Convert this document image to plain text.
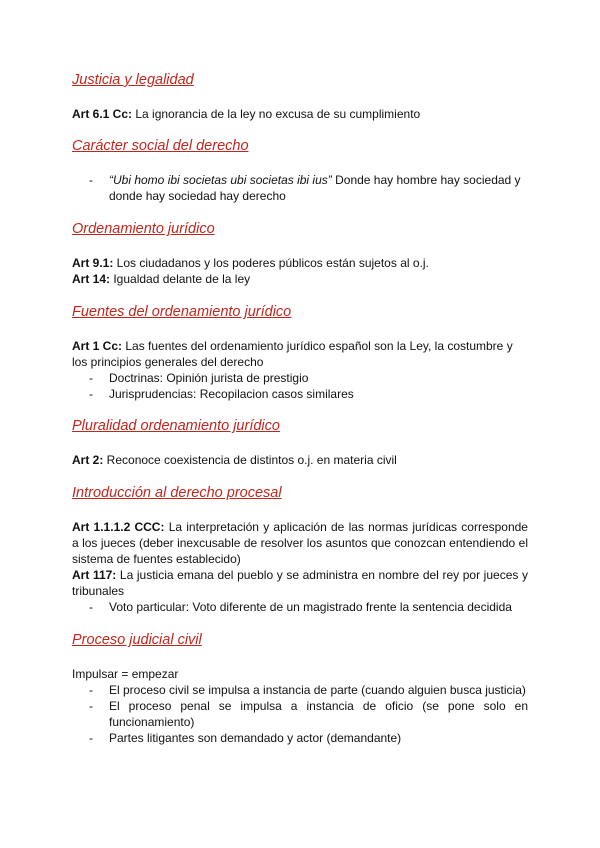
Justicia y legalidad

Art 6.1 Cc: La ignorancia de la ley no excusa de su cumplimiento

Carácter social del derecho
- “Ubi homo ibi societas ubi societas ibi ius” Donde hay hombre hay sociedad y donde hay sociedad hay derecho
Ordenamiento jurídico

Art 9.1: Los ciudadanos y los poderes públicos están sujetos al o.j.

Art 14: Igualdad delante de la ley

Fuentes del ordenamiento jurídico

Art 1 Cc: Las fuentes del ordenamiento jurídico español son la Ley, la costumbre y los principios generales del derecho

- Doctrinas: Opinión jurista de prestigio
- Jurisprudencias: Recopilacion casos similares
Pluralidad ordenamiento jurídico

Art 2: Reconoce coexistencia de distintos o.j. en materia civil

Introducción al derecho procesal

Art 1.1.1.2 CCC: La interpretación y aplicación de las normas jurídicas corresponde a los jueces (deber inexcusable de resolver los asuntos que conozcan entendiendo el sistema de fuentes establecido)

Art 117: La justicia emana del pueblo y se administra en nombre del rey por jueces y tribunales

- Voto particular: Voto diferente de un magistrado frente la sentencia decidida
Proceso judicial civil

Impulsar = empezar

- El proceso civil se impulsa a instancia de parte (cuando alguien busca justicia)
- El proceso penal se impulsa a instancia de oficio (se pone solo en funcionamiento)
- Partes litigantes son demandado y actor (demandante)
